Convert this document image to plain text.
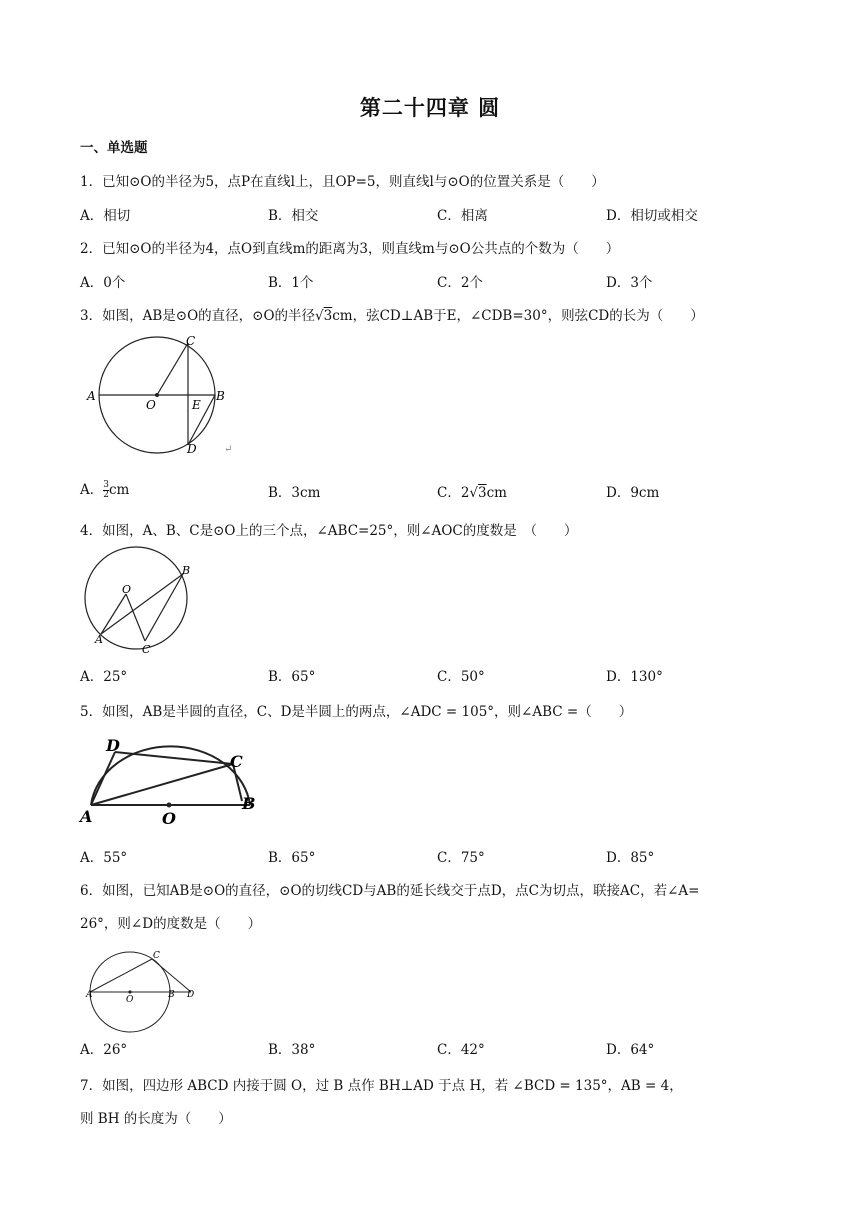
第二十四章 圆
一、单选题
1．已知⊙O的半径为5，点P在直线l上，且OP=5，则直线l与⊙O的位置关系是（　　）
A．相切	B．相交	C．相离	D．相切或相交
2．已知⊙O的半径为4，点O到直线m的距离为3，则直线m与⊙O公共点的个数为（　　）
A．0个	B．1个	C．2个	D．3个
3．如图，AB是⊙O的直径，⊙O的半径√3cm，弦CD⊥AB于E，∠CDB=30°，则弦CD的长为（　　）
A
O	E
B
C
D	↵
A． $\frac{3}{2}$ cm	B．3cm	C．2√3cm	D．9cm
4．如图，A、B、C是⊙O上的三个点，∠ABC=25°，则∠AOC的度数是　（　　）
O
A
C
B
A．25°	B．65°	C．50°	D．130°
5．如图，AB是半圆的直径，C、D是半圆上的两点，∠ADC = 105°，则∠ABC =（　　）
D
C
A
B
O
A．55°	B．65°	C．75°	D．85°
6．如图，已知AB是⊙O的直径，⊙O的切线CD与AB的延长线交于点D，点C为切点，联接AC，若∠A=
26°，则∠D的度数是（　　）
A	O	B D
C
A．26°	B．38°	C．42°	D．64°
7．如图，四边形 ABCD 内接于圆 O，过 B 点作 BH⊥AD 于点 H，若 ∠BCD = 135°，AB = 4，
则 BH 的长度为（　　）
